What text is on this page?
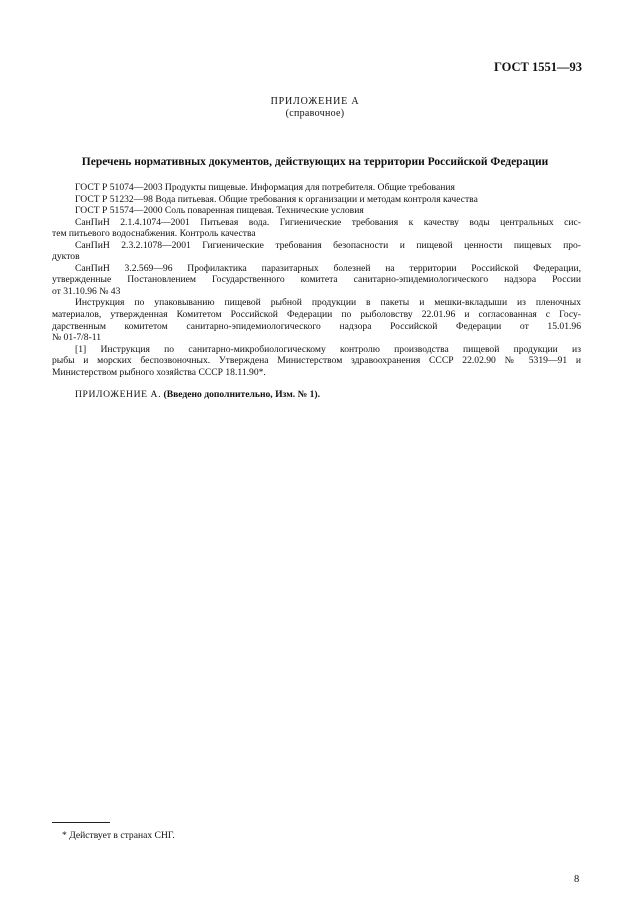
ГОСТ 1551—93
ПРИЛОЖЕНИЕ А
(справочное)
Перечень нормативных документов, действующих на территории Российской Федерации
ГОСТ Р 51074—2003 Продукты пищевые. Информация для потребителя. Общие требования
ГОСТ Р 51232—98 Вода питьевая. Общие требования к организации и методам контроля качества
ГОСТ Р 51574—2000 Соль поваренная пищевая. Технические условия
СанПиН 2.1.4.1074—2001 Питьевая вода. Гигиенические требования к качеству воды центральных сис-
тем питьевого водоснабжения. Контроль качества
СанПиН 2.3.2.1078—2001 Гигиенические требования безопасности и пищевой ценности пищевых про-
дуктов
СанПиН 3.2.569—96 Профилактика паразитарных болезней на территории Российской Федерации,
утвержденные Постановлением Государственного комитета санитарно-эпидемиологического надзора России
от 31.10.96 № 43
Инструкция по упаковыванию пищевой рыбной продукции в пакеты и мешки-вкладыши из пленочных
материалов, утвержденная Комитетом Российской Федерации по рыболовству 22.01.96 и согласованная с Госу-
дарственным комитетом санитарно-эпидемиологического надзора Российской Федерации от 15.01.96
№ 01-7/8-11
[1] Инструкция по санитарно-микробиологическому контролю производства пищевой продукции из
рыбы и морских беспозвоночных. Утверждена Министерством здравоохранения СССР 22.02.90 № 5319—91 и
Министерством рыбного хозяйства СССР 18.11.90*.
ПРИЛОЖЕНИЕ А. (Введено дополнительно, Изм. № 1).
* Действует в странах СНГ.
8
